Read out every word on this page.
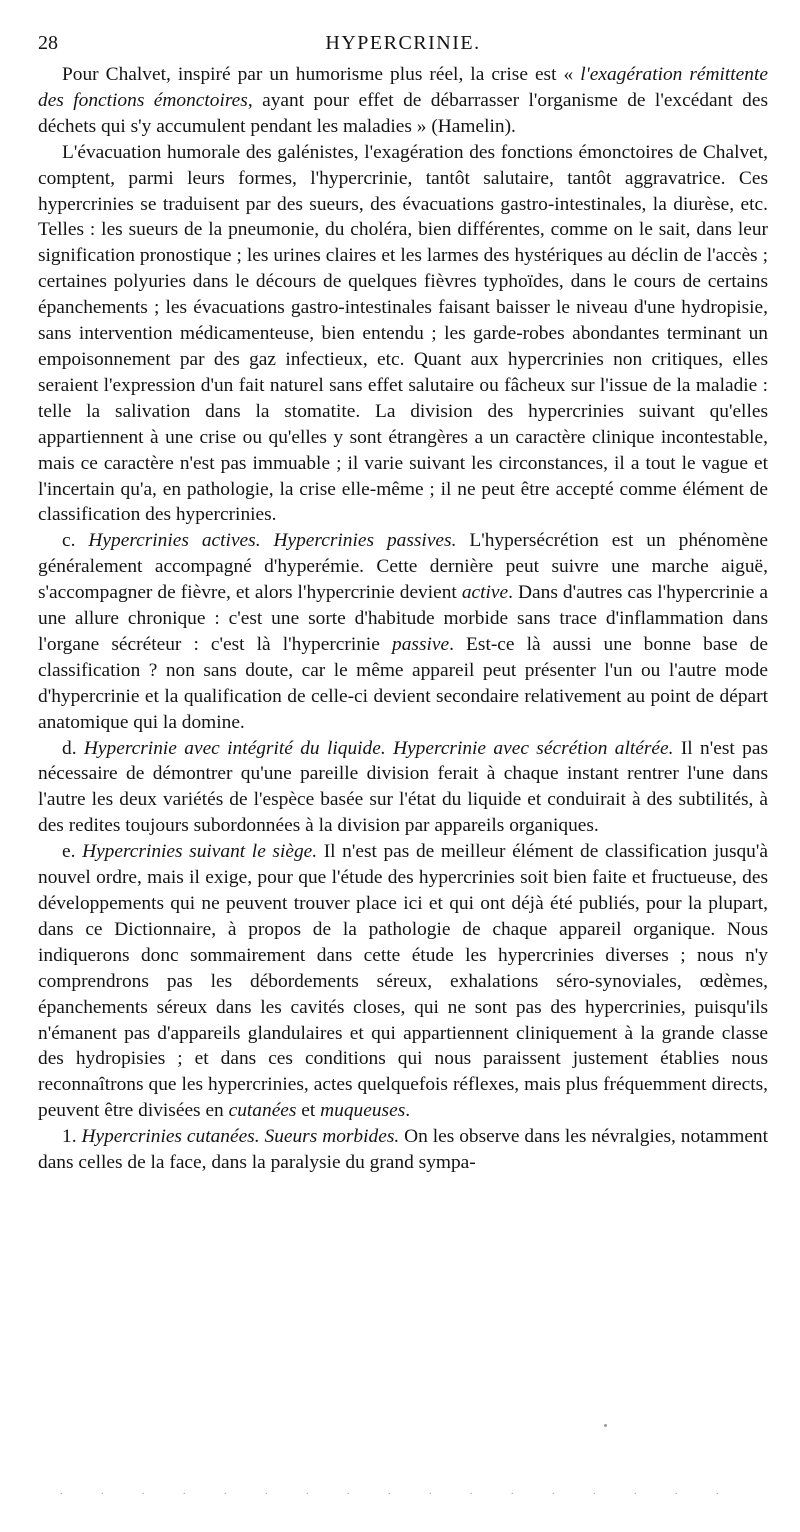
28	HYPERCRINIE.

Pour Chalvet, inspiré par un humorisme plus réel, la crise est « l'exagération rémittente des fonctions émonctoires, ayant pour effet de débarrasser l'organisme de l'excédant des déchets qui s'y accumulent pendant les maladies » (Hamelin).

L'évacuation humorale des galénistes, l'exagération des fonctions émonctoires de Chalvet, comptent, parmi leurs formes, l'hypercrinie, tantôt salutaire, tantôt aggravatrice. Ces hypercrinies se traduisent par des sueurs, des évacuations gastro-intestinales, la diurèse, etc. Telles : les sueurs de la pneumonie, du choléra, bien différentes, comme on le sait, dans leur signification pronostique ; les urines claires et les larmes des hystériques au déclin de l'accès ; certaines polyuries dans le décours de quelques fièvres typhoïdes, dans le cours de certains épanchements ; les évacuations gastro-intestinales faisant baisser le niveau d'une hydropisie, sans intervention médicamenteuse, bien entendu ; les garde-robes abondantes terminant un empoisonnement par des gaz infectieux, etc. Quant aux hypercrinies non critiques, elles seraient l'expression d'un fait naturel sans effet salutaire ou fâcheux sur l'issue de la maladie : telle la salivation dans la stomatite. La division des hypercrinies suivant qu'elles appartiennent à une crise ou qu'elles y sont étrangères a un caractère clinique incontestable, mais ce caractère n'est pas immuable ; il varie suivant les circonstances, il a tout le vague et l'incertain qu'a, en pathologie, la crise elle-même ; il ne peut être accepté comme élément de classification des hypercrinies.

c. Hypercrinies actives. Hypercrinies passives. L'hypersécrétion est un phénomène généralement accompagné d'hyperémie. Cette dernière peut suivre une marche aiguë, s'accompagner de fièvre, et alors l'hypercrinie devient active. Dans d'autres cas l'hypercrinie a une allure chronique : c'est une sorte d'habitude morbide sans trace d'inflammation dans l'organe sécréteur : c'est là l'hypercrinie passive. Est-ce là aussi une bonne base de classification ? non sans doute, car le même appareil peut présenter l'un ou l'autre mode d'hypercrinie et la qualification de celle-ci devient secondaire relativement au point de départ anatomique qui la domine.

d. Hypercrinie avec intégrité du liquide. Hypercrinie avec sécrétion altérée. Il n'est pas nécessaire de démontrer qu'une pareille division ferait à chaque instant rentrer l'une dans l'autre les deux variétés de l'espèce basée sur l'état du liquide et conduirait à des subtilités, à des redites toujours subordonnées à la division par appareils organiques.

e. Hypercrinies suivant le siège. Il n'est pas de meilleur élément de classification jusqu'à nouvel ordre, mais il exige, pour que l'étude des hypercrinies soit bien faite et fructueuse, des développements qui ne peuvent trouver place ici et qui ont déjà été publiés, pour la plupart, dans ce Dictionnaire, à propos de la pathologie de chaque appareil organique. Nous indiquerons donc sommairement dans cette étude les hypercrinies diverses ; nous n'y comprendrons pas les débordements séreux, exhalations séro-synoviales, œdèmes, épanchements séreux dans les cavités closes, qui ne sont pas des hypercrinies, puisqu'ils n'émanent pas d'appareils glandulaires et qui appartiennent cliniquement à la grande classe des hydropisies ; et dans ces conditions qui nous paraissent justement établies nous reconnaîtrons que les hypercrinies, actes quelquefois réflexes, mais plus fréquemment directs, peuvent être divisées en cutanées et muqueuses.

1. Hypercrinies cutanées. Sueurs morbides. On les observe dans les névralgies, notamment dans celles de la face, dans la paralysie du grand sympa-

. . . . . . . . . . . . . . . . .
